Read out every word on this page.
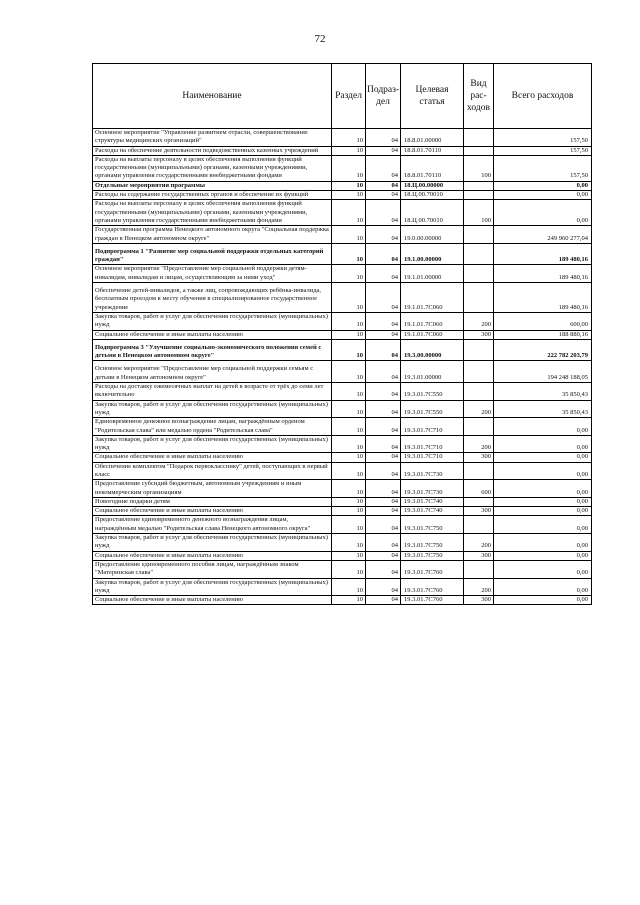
72
Наименование	Раздел	Подраз-дел	Целевая статья	Вид рас-ходов	Всего расходов
Основное мероприятие "Управление развитием отрасли, совершенствование структуры медицинских организаций"	10	04	18.8.01.00000		157,50
Расходы на обеспечение деятельности подведомственных казенных учреждений	10	04	18.8.01.70110		157,50
Расходы на выплаты персоналу в целях обеспечения выполнения функций государственными (муниципальными) органами, казенными учреждениями, органами управления государственными внебюджетными фондами	10	04	18.8.01.70110	100	157,50
Отдельные мероприятия программы	10	04	18.Ц.00.00000		0,00
Расходы на содержание государственных органов и обеспечение их функций	10	04	18.Ц.00.70010		0,00
Расходы на выплаты персоналу в целях обеспечения выполнения функций государственными (муниципальными) органами, казенными учреждениями, органами управления государственными внебюджетными фондами	10	04	18.Ц.00.70010	100	0,00
Государственная программа Ненецкого автономного округа "Социальная поддержка граждан в Ненецком автономном округе"	10	04	19.0.00.00000		249 960 277,04
Подпрограмма 1 "Развитие мер социальной поддержки отдельных категорий граждан"	10	04	19.1.00.00000		189 480,16
Основное мероприятие "Предоставление мер социальной поддержки детям-инвалидам, инвалидам и лицам, осуществляющим за ними уход"	10	04	19.1.01.00000		189 480,16
Обеспечение детей-инвалидов, а также лиц, сопровождающих ребёнка-инвалида, бесплатным проездом к месту обучения в специализированное государственное учреждение	10	04	19.1.01.7С060		189 480,16
Закупка товаров, работ и услуг для обеспечения государственных (муниципальных) нужд	10	04	19.1.01.7С060	200	600,00
Социальное обеспечение и иные выплаты населению	10	04	19.1.01.7С060	300	188 880,16
Подпрограмма 3 "Улучшение социально-экономического положения семей с детьми в Ненецком автономном округе"	10	04	19.3.00.00000		222 782 203,79
Основное мероприятие "Предоставление мер социальной поддержки семьям с детьми в Ненецком автономном округе"	10	04	19.3.01.00000		194 248 188,05
Расходы на доставку ежемесячных выплат на детей в возрасте от трёх до семи лет включительно	10	04	19.3.01.7С550		35 850,43
Закупка товаров, работ и услуг для обеспечения государственных (муниципальных) нужд	10	04	19.3.01.7С550	200	35 850,43
Единовременное денежное вознаграждение лицам, награждённым орденом "Родительская слава" или медалью ордена "Родительская слава"	10	04	19.3.01.7С710		0,00
Закупка товаров, работ и услуг для обеспечения государственных (муниципальных) нужд	10	04	19.3.01.7С710	200	0,00
Социальное обеспечение и иные выплаты населению	10	04	19.3.01.7С710	300	0,00
Обеспечение комплектом "Подарок первокласснику" детей, поступающих в первый класс	10	04	19.3.01.7С730		0,00
Предоставление субсидий бюджетным, автономным учреждениям и иным некоммерческим организациям	10	04	19.3.01.7С730	600	0,00
Новогодние подарки детям	10	04	19.3.01.7С740		0,00
Социальное обеспечение и иные выплаты населению	10	04	19.3.01.7С740	300	0,00
Предоставление единовременного денежного вознаграждения лицам, награждённым медалью "Родительская слава Ненецкого автономного округа"	10	04	19.3.01.7С750		0,00
Закупка товаров, работ и услуг для обеспечения государственных (муниципальных) нужд	10	04	19.3.01.7С750	200	0,00
Социальное обеспечение и иные выплаты населению	10	04	19.3.01.7С750	300	0,00
Предоставление единовременного пособия лицам, награждённым знаком "Материнская слава"	10	04	19.3.01.7С760		0,00
Закупка товаров, работ и услуг для обеспечения государственных (муниципальных) нужд	10	04	19.3.01.7С760	200	0,00
Социальное обеспечение и иные выплаты населению	10	04	19.3.01.7С760	300	0,00
